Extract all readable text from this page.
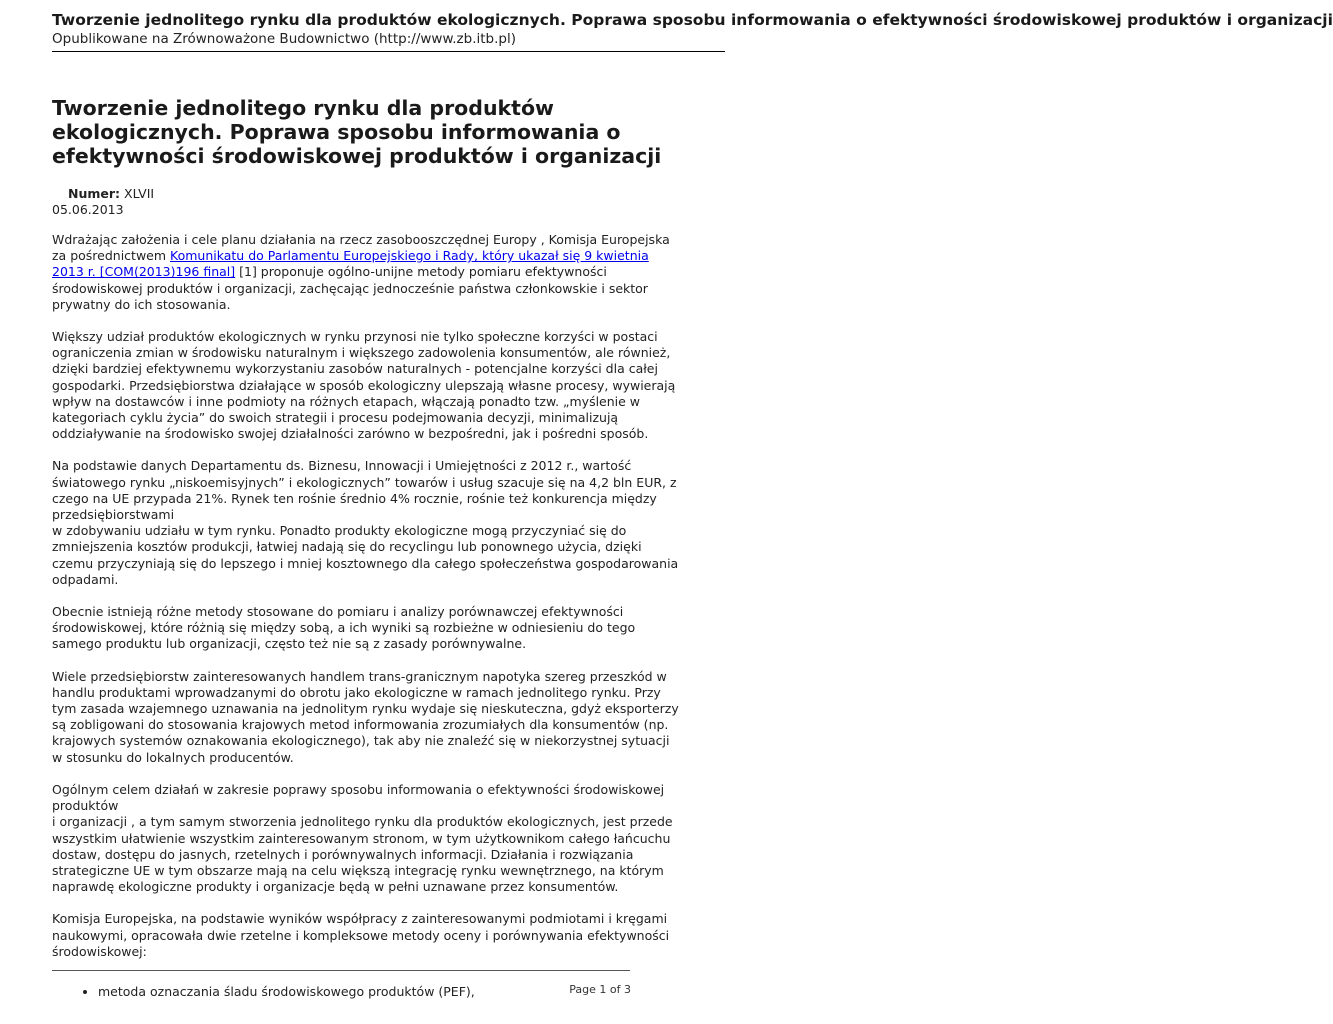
Tworzenie jednolitego rynku dla produktów ekologicznych. Poprawa sposobu informowania o efektywności środowiskowej produktów i organizacji
Opublikowane na Zrównoważone Budownictwo (http://www.zb.itb.pl)
Tworzenie jednolitego rynku dla produktów ekologicznych. Poprawa sposobu informowania o efektywności środowiskowej produktów i organizacji
Numer: XLVII
05.06.2013

Wdrażając założenia i cele planu działania na rzecz zasobooszczędnej Europy , Komisja Europejska za pośrednictwem Komunikatu do Parlamentu Europejskiego i Rady, który ukazał się 9 kwietnia 2013 r. [COM(2013)196 final] [1] proponuje ogólno-unijne metody pomiaru efektywności środowiskowej produktów i organizacji, zachęcając jednocześnie państwa członkowskie i sektor prywatny do ich stosowania.

Większy udział produktów ekologicznych w rynku przynosi nie tylko społeczne korzyści w postaci ograniczenia zmian w środowisku naturalnym i większego zadowolenia konsumentów, ale również, dzięki bardziej efektywnemu wykorzystaniu zasobów naturalnych - potencjalne korzyści dla całej gospodarki. Przedsiębiorstwa działające w sposób ekologiczny ulepszają własne procesy, wywierają wpływ na dostawców i inne podmioty na różnych etapach, włączają ponadto tzw. „myślenie w kategoriach cyklu życia” do swoich strategii i procesu podejmowania decyzji, minimalizują oddziaływanie na środowisko swojej działalności zarówno w bezpośredni, jak i pośredni sposób.

Na podstawie danych Departamentu ds. Biznesu, Innowacji i Umiejętności z 2012 r., wartość światowego rynku „niskoemisyjnych” i ekologicznych” towarów i usług szacuje się na 4,2 bln EUR, z czego na UE przypada 21%. Rynek ten rośnie średnio 4% rocznie, rośnie też konkurencja między przedsiębiorstwami
w zdobywaniu udziału w tym rynku. Ponadto produkty ekologiczne mogą przyczyniać się do zmniejszenia kosztów produkcji, łatwiej nadają się do recyclingu lub ponownego użycia, dzięki czemu przyczyniają się do lepszego i mniej kosztownego dla całego społeczeństwa gospodarowania odpadami.

Obecnie istnieją różne metody stosowane do pomiaru i analizy porównawczej efektywności środowiskowej, które różnią się między sobą, a ich wyniki są rozbieżne w odniesieniu do tego samego produktu lub organizacji, często też nie są z zasady porównywalne.

Wiele przedsiębiorstw zainteresowanych handlem trans-granicznym napotyka szereg przeszkód w handlu produktami wprowadzanymi do obrotu jako ekologiczne w ramach jednolitego rynku. Przy tym zasada wzajemnego uznawania na jednolitym rynku wydaje się nieskuteczna, gdyż eksporterzy są zobligowani do stosowania krajowych metod informowania zrozumiałych dla konsumentów (np. krajowych systemów oznakowania ekologicznego), tak aby nie znaleźć się w niekorzystnej sytuacji w stosunku do lokalnych producentów.

Ogólnym celem działań w zakresie poprawy sposobu informowania o efektywności środowiskowej produktów
i organizacji , a tym samym stworzenia jednolitego rynku dla produktów ekologicznych, jest przede wszystkim ułatwienie wszystkim zainteresowanym stronom, w tym użytkownikom całego łańcuchu dostaw, dostępu do jasnych, rzetelnych i porównywalnych informacji. Działania i rozwiązania strategiczne UE w tym obszarze mają na celu większą integrację rynku wewnętrznego, na którym naprawdę ekologiczne produkty i organizacje będą w pełni uznawane przez konsumentów.

Komisja Europejska, na podstawie wyników współpracy z zainteresowanymi podmiotami i kręgami naukowymi, opracowała dwie rzetelne i kompleksowe metody oceny i porównywania efektywności środowiskowej:

• metoda oznaczania śladu środowiskowego produktów (PEF),	Page 1 of 3
